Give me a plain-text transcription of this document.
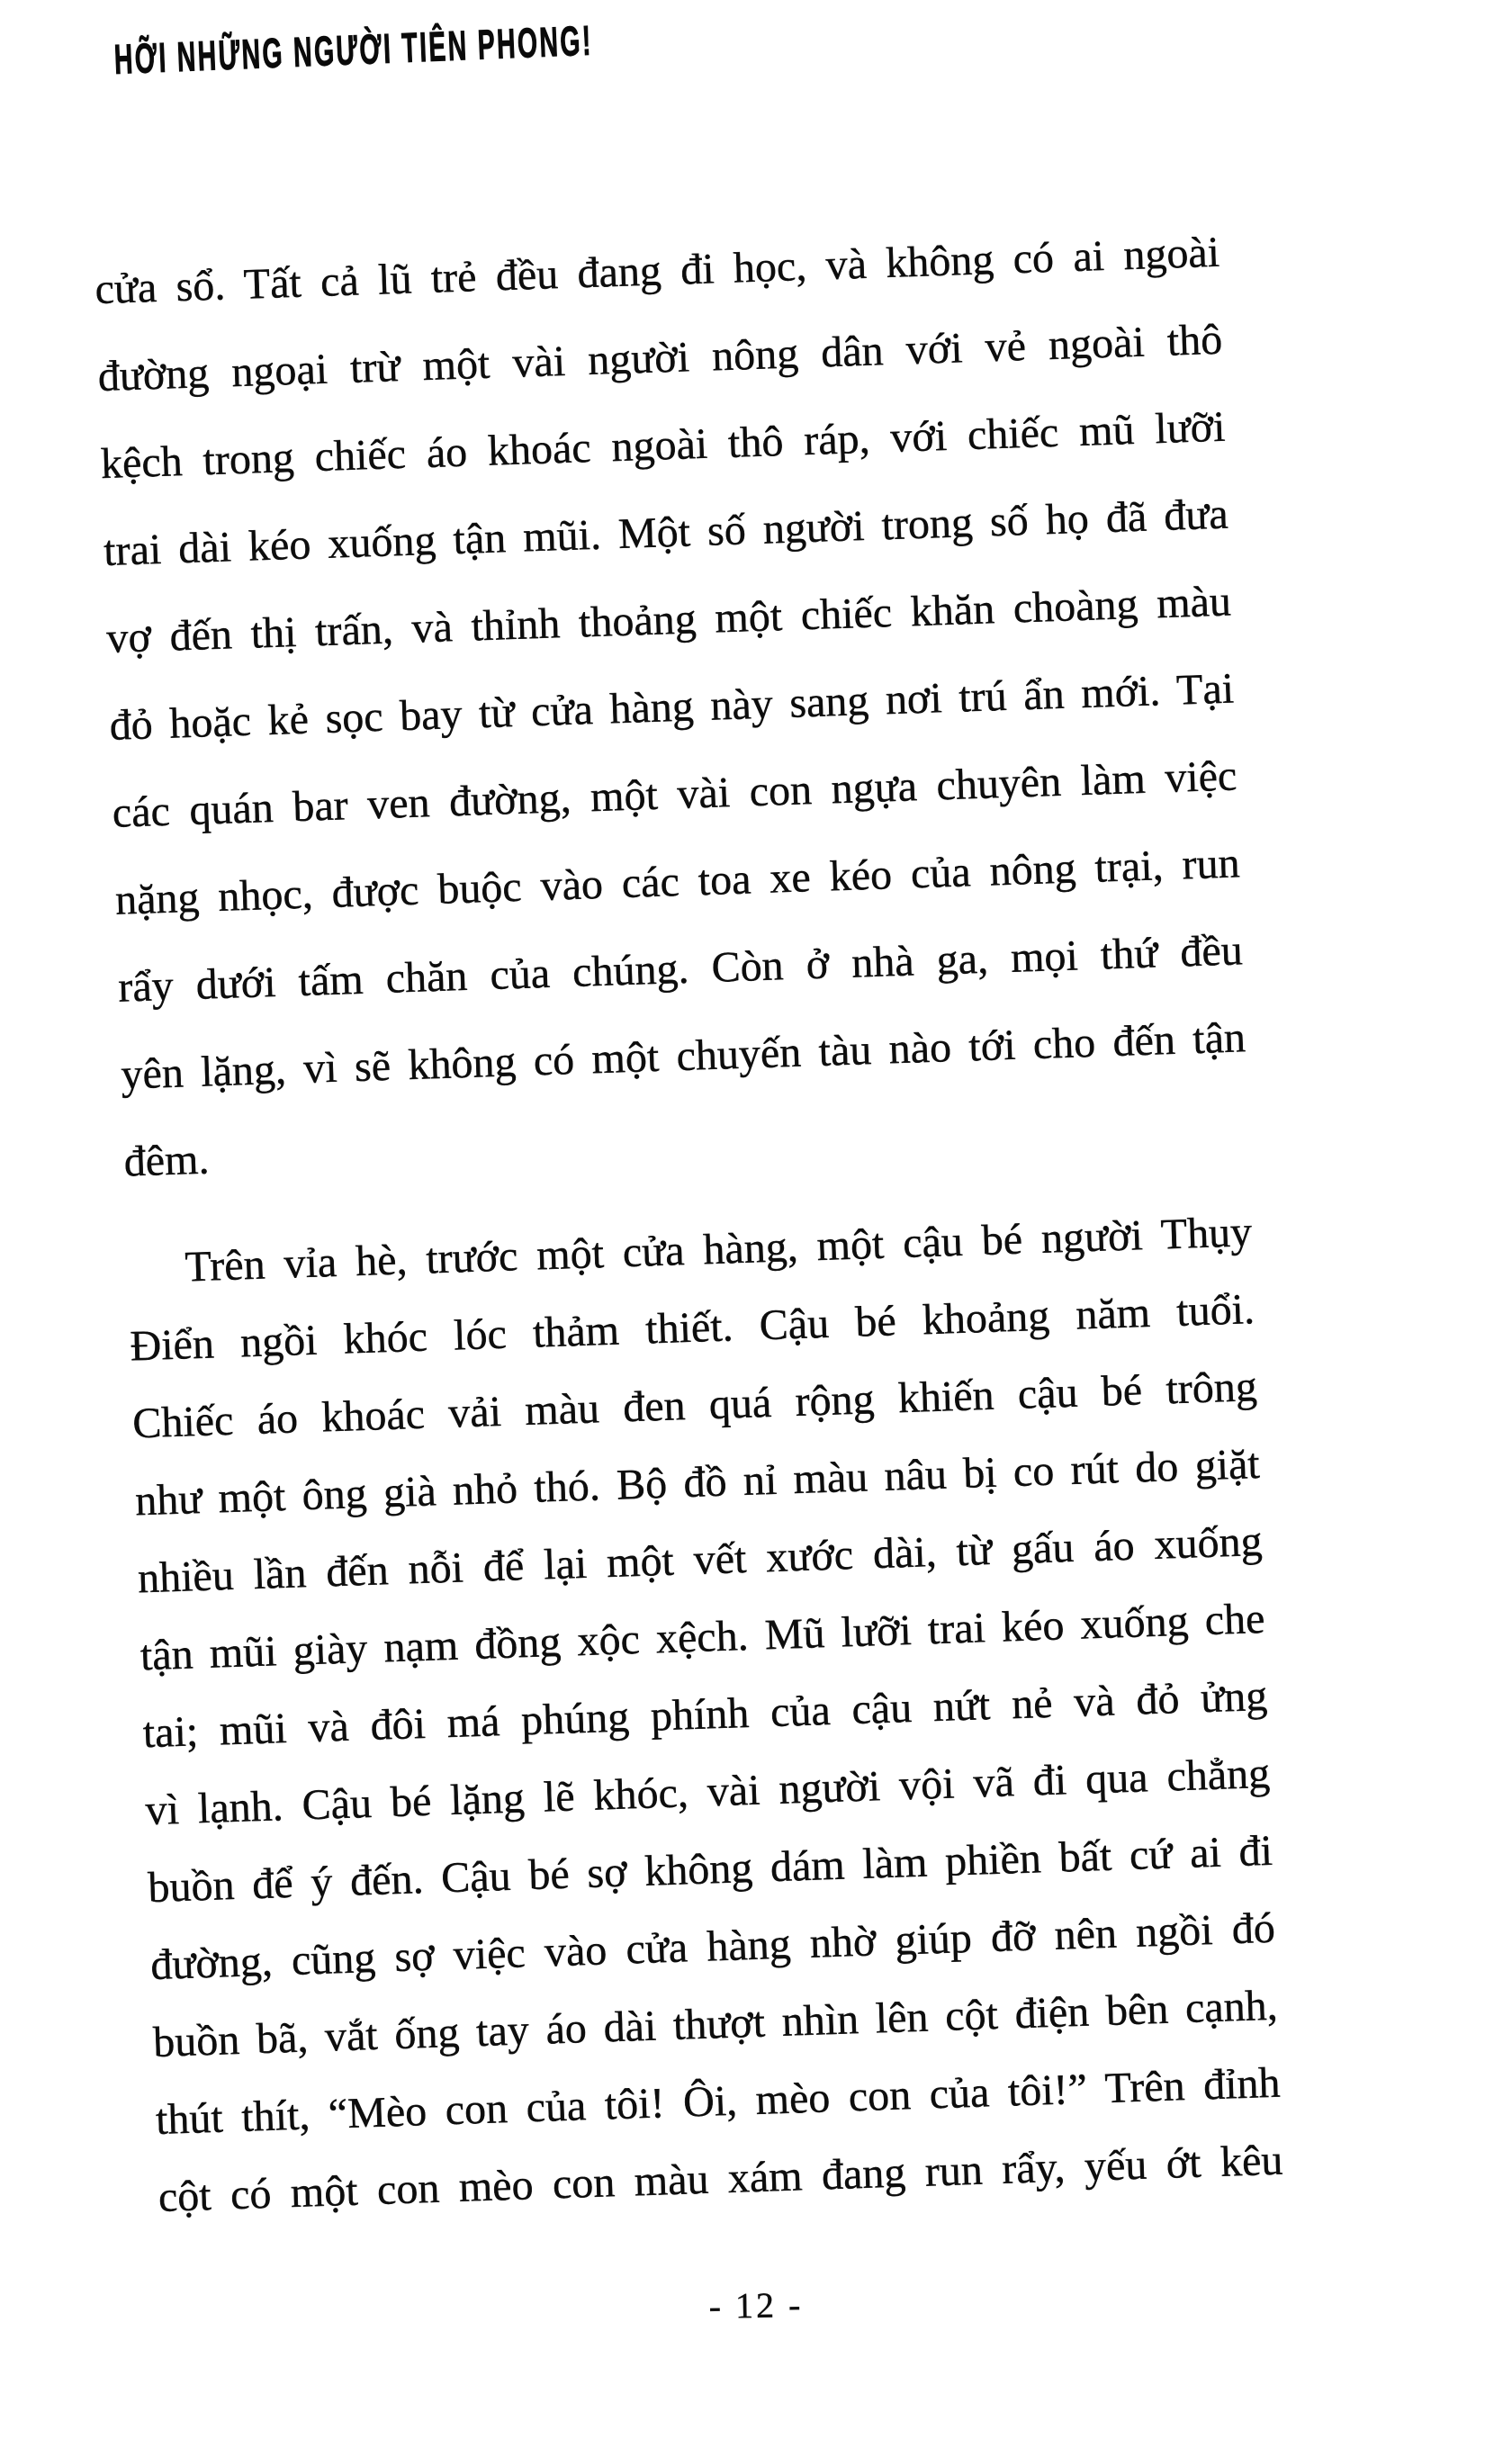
HỠI NHỮNG NGƯỜI TIÊN PHONG!
cửa sổ. Tất cả lũ trẻ đều đang đi học, và không có ai ngoài
đường ngoại trừ một vài người nông dân với vẻ ngoài thô
kệch trong chiếc áo khoác ngoài thô ráp, với chiếc mũ lưỡi
trai dài kéo xuống tận mũi. Một số người trong số họ đã đưa
vợ đến thị trấn, và thỉnh thoảng một chiếc khăn choàng màu
đỏ hoặc kẻ sọc bay từ cửa hàng này sang nơi trú ẩn mới. Tại
các quán bar ven đường, một vài con ngựa chuyên làm việc
nặng nhọc, được buộc vào các toa xe kéo của nông trại, run
rẩy dưới tấm chăn của chúng. Còn ở nhà ga, mọi thứ đều
yên lặng, vì sẽ không có một chuyến tàu nào tới cho đến tận
đêm.
Trên vỉa hè, trước một cửa hàng, một cậu bé người Thụy
Điển ngồi khóc lóc thảm thiết. Cậu bé khoảng năm tuổi.
Chiếc áo khoác vải màu đen quá rộng khiến cậu bé trông
như một ông già nhỏ thó. Bộ đồ nỉ màu nâu bị co rút do giặt
nhiều lần đến nỗi để lại một vết xước dài, từ gấu áo xuống
tận mũi giày nạm đồng xộc xệch. Mũ lưỡi trai kéo xuống che
tai; mũi và đôi má phúng phính của cậu nứt nẻ và đỏ ửng
vì lạnh. Cậu bé lặng lẽ khóc, vài người vội vã đi qua chẳng
buồn để ý đến. Cậu bé sợ không dám làm phiền bất cứ ai đi
đường, cũng sợ việc vào cửa hàng nhờ giúp đỡ nên ngồi đó
buồn bã, vắt ống tay áo dài thượt nhìn lên cột điện bên cạnh,
thút thít, “Mèo con của tôi! Ôi, mèo con của tôi!” Trên đỉnh
cột có một con mèo con màu xám đang run rẩy, yếu ớt kêu
- 12 -
